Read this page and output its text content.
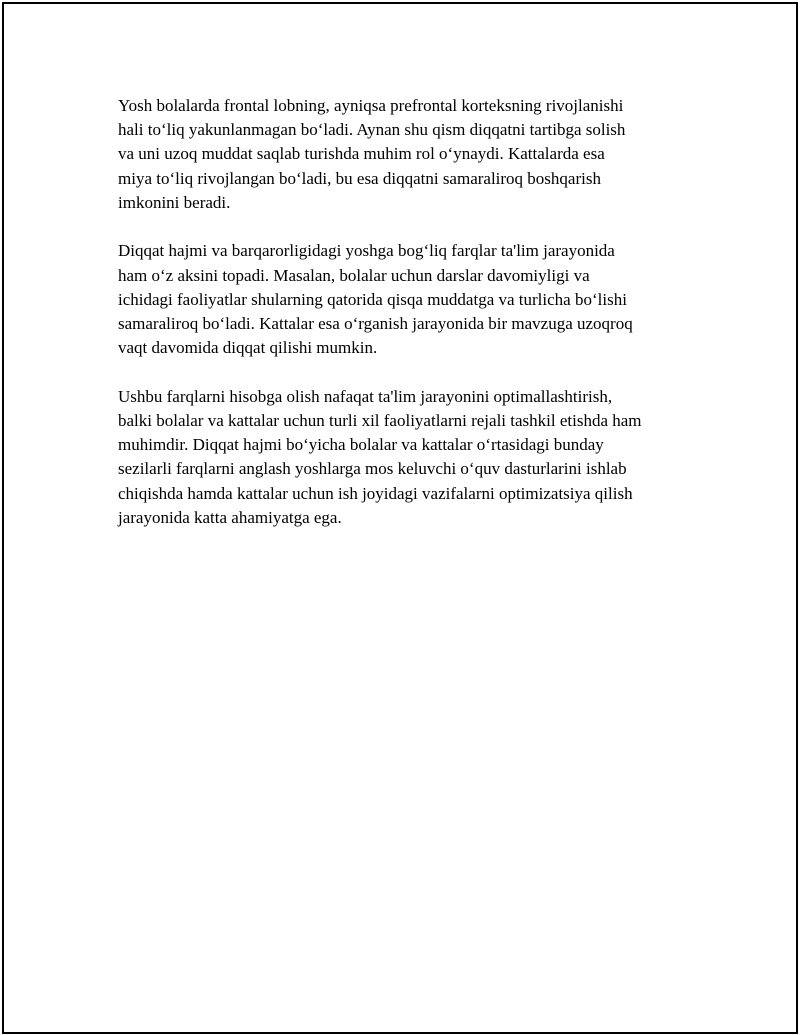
Yosh bolalarda frontal lobning, ayniqsa prefrontal korteksning rivojlanishi
hali to‘liq yakunlanmagan bo‘ladi. Aynan shu qism diqqatni tartibga solish
va uni uzoq muddat saqlab turishda muhim rol o‘ynaydi. Kattalarda esa
miya to‘liq rivojlangan bo‘ladi, bu esa diqqatni samaraliroq boshqarish
imkonini beradi.

Diqqat hajmi va barqarorligidagi yoshga bog‘liq farqlar ta'lim jarayonida
ham o‘z aksini topadi. Masalan, bolalar uchun darslar davomiyligi va
ichidagi faoliyatlar shularning qatorida qisqa muddatga va turlicha bo‘lishi
samaraliroq bo‘ladi. Kattalar esa o‘rganish jarayonida bir mavzuga uzoqroq
vaqt davomida diqqat qilishi mumkin.

Ushbu farqlarni hisobga olish nafaqat ta'lim jarayonini optimallashtirish,
balki bolalar va kattalar uchun turli xil faoliyatlarni rejali tashkil etishda ham
muhimdir. Diqqat hajmi bo‘yicha bolalar va kattalar o‘rtasidagi bunday
sezilarli farqlarni anglash yoshlarga mos keluvchi o‘quv dasturlarini ishlab
chiqishda hamda kattalar uchun ish joyidagi vazifalarni optimizatsiya qilish
jarayonida katta ahamiyatga ega.
